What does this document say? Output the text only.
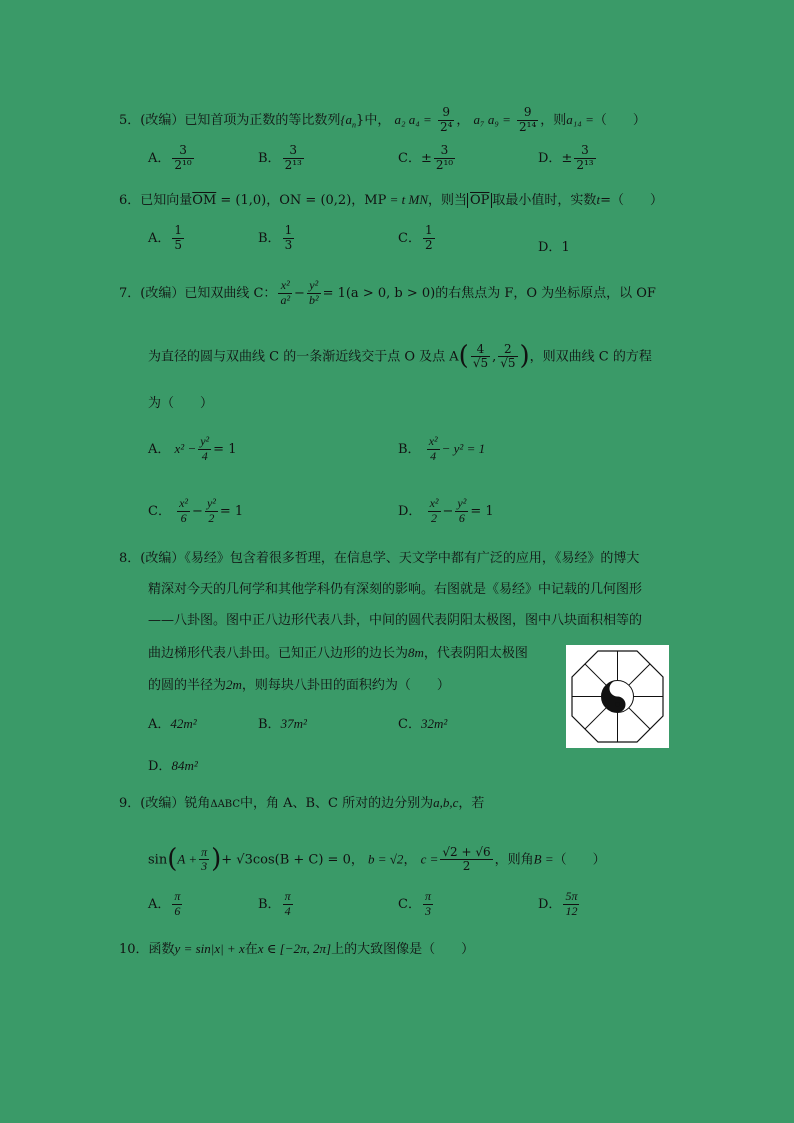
5．(改编）已知首项为正数的等比数列$\{a_n\}$中， a₂ $a_4 = \frac{9}{\text{2⁴}}$ ， a₇ $a_9 = \frac{9}{\text{2¹⁴}}$ ，则a₁₄ =（　　）
A． $\frac{3}{\text{2¹⁰}}$	B． $\frac{3}{\text{2¹³}}$	C．± $\frac{3}{\text{2¹⁰}}$	D．± $\frac{3}{\text{2¹³}}$
6．已知向量$\overline{OM} = (1,0)$，ON = (0,2)，MP = t MN，则当 $\overline{OP}$ 取最小值时，实数t=（　　）
A． $\frac{1}{5}$	B． $\frac{1}{3}$	C． $\frac{1}{2}$	D．1
7．(改编）已知双曲线 C： $\frac{\text{x²}}{\text{a²}} - \frac{\text{y²}}{\text{b²}} = 1(a > 0$, b > 0)的右焦点为 F，O 为坐标原点，以 OF
为直径的圆与双曲线 C 的一条渐近线交于点 O 及点 $A( \frac{4}{√5}$ , $\frac{2}{√5}$ )，则双曲线 C 的方程
为（　　）
A． $x^2 - \frac{\text{y²}}{4} = 1$	B． $\frac{\text{x²}}{4} - y^2 = 1$
C． $\frac{\text{x²}}{6} - \frac{\text{y²}}{2} = 1$	D． $\frac{\text{x²}}{2} - \frac{\text{y²}}{6} = 1$
8．(改编）《易经》包含着很多哲理，在信息学、天文学中都有广泛的应用，《易经》的博大
精深对今天的几何学和其他学科仍有深刻的影响。右图就是《易经》中记载的几何图形
——八卦图。图中正八边形代表八卦，中间的圆代表阴阳太极图，图中八块面积相等的
曲边梯形代表八卦田。已知正八边形的边长为8m，代表阴阳太极图
的圆的半径为2m，则每块八卦田的面积约为（　　）
A．42m²	B．37m²	C．32m²
D．84m²
9．(改编）锐角ΔABC中，角 A、B、C 所对的边分别为a,b,c，若
$\sin(A + \frac{\pi}{3}$ )+ √3cos(B + C) = 0， b = √2， $c = \frac{√2 + √6}{2}$ ，则角B =（　　）
A． $\frac{\pi}{6}$	B． $\frac{\pi}{4}$	C． $\frac{\pi}{3}$	D． $\frac{5\pi}{12}$
10．函数y = sin|x| + x在x ∈ [−2π, 2π]上的大致图像是（　　）
